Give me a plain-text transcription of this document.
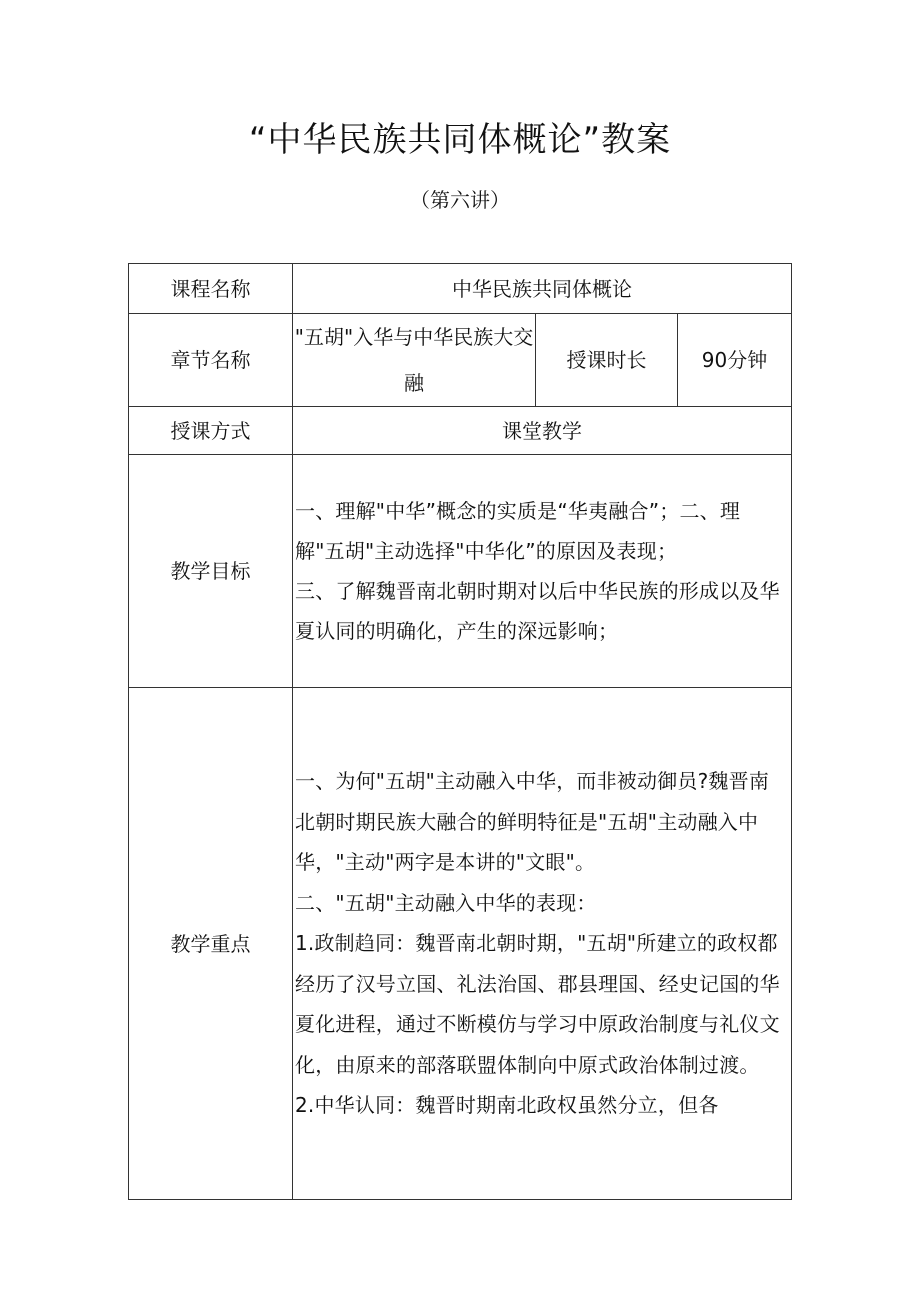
“中华民族共同体概论”教案
（第六讲）
课程名称	中华民族共同体概论		
章节名称	"五胡"入华与中华民族大交融	授课时长	90分钟
授课方式	课堂教学		
教学目标	一、理解"中华”概念的实质是“华夷融合”；二、理解"五胡"主动选择"中华化”的原因及表现；

三、了解魏晋南北朝时期对以后中华民族的形成以及华夏认同的明确化，产生的深远影响；		

教学重点	一、为何"五胡"主动融入中华，而非被动御员?魏晋南北朝时期民族大融合的鲜明特征是"五胡"主动融入中华，"主动"两字是本讲的"文眼"。

二、"五胡"主动融入中华的表现：

1.政制趋同：魏晋南北朝时期，"五胡"所建立的政权都经历了汉号立国、礼法治国、郡县理国、经史记国的华夏化进程，通过不断模仿与学习中原政治制度与礼仪文化，由原来的部落联盟体制向中原式政治体制过渡。

2.中华认同：魏晋时期南北政权虽然分立，但各		
